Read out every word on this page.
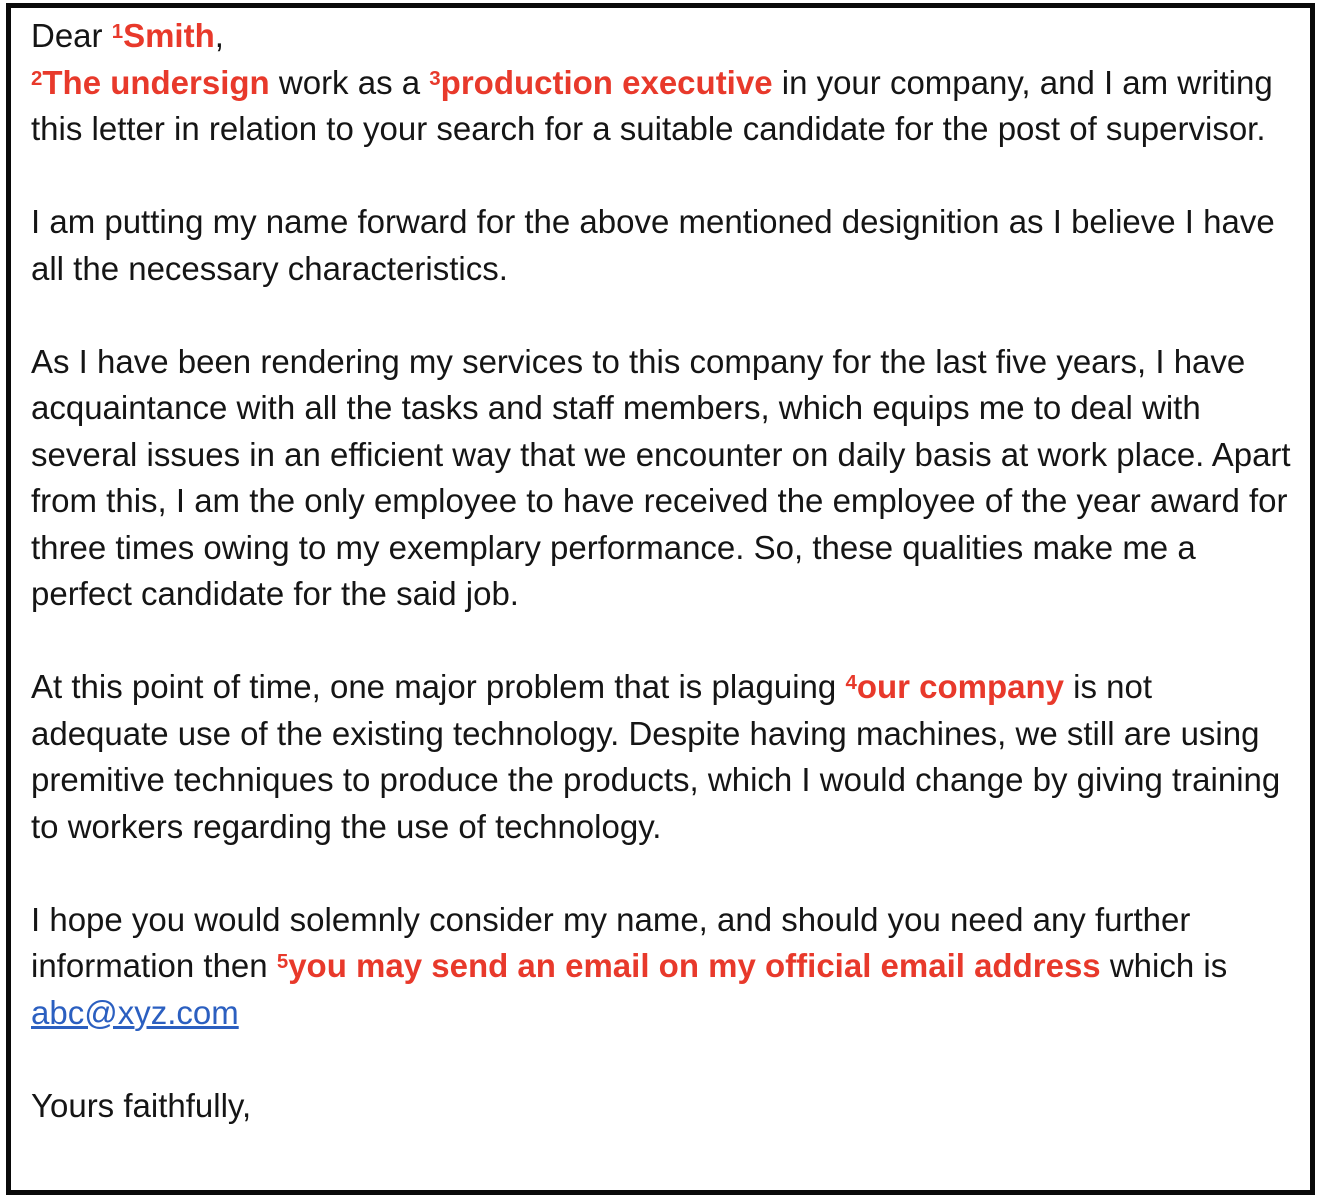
Dear $^1$Smith,
$^2$The undersign work as a $^3$production executive in your company, and I am writing this letter in relation to your search for a suitable candidate for the post of supervisor.

I am putting my name forward for the above mentioned designition as I believe I have all the necessary characteristics.

As I have been rendering my services to this company for the last five years, I have acquaintance with all the tasks and staff members, which equips me to deal with several issues in an efficient way that we encounter on daily basis at work place. Apart from this, I am the only employee to have received the employee of the year award for three times owing to my exemplary performance. So, these qualities make me a perfect candidate for the said job.

At this point of time, one major problem that is plaguing $^4$our company is not adequate use of the existing technology. Despite having machines, we still are using premitive techniques to produce the products, which I would change by giving training to workers regarding the use of technology.

I hope you would solemnly consider my name, and should you need any further information then $^5$you may send an email on my official email address which is abc@xyz.com

Yours faithfully,
